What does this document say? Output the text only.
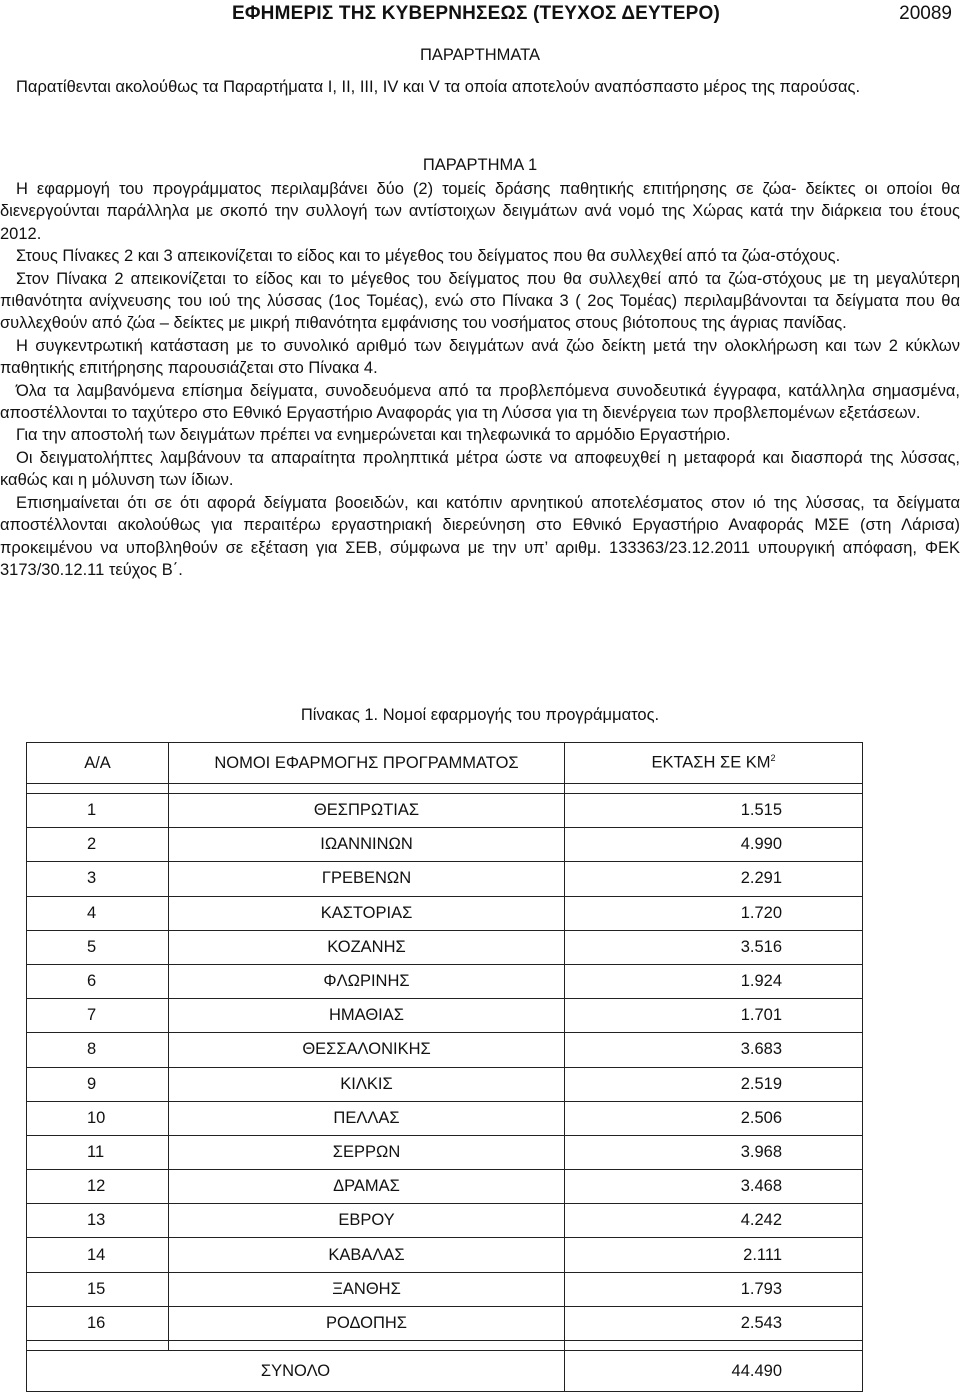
ΕΦΗΜΕΡΙΣ ΤΗΣ ΚΥΒΕΡΝΗΣΕΩΣ (ΤΕΥΧΟΣ ΔΕΥΤΕΡΟ)	20089
ΠΑΡΑΡΤΗΜΑΤΑ

Παρατίθενται ακολούθως τα Παραρτήματα Ι, ΙΙ, ΙΙΙ, ΙV και V τα οποία αποτελούν αναπόσπαστο μέρος της παρούσας.

ΠΑΡΑΡΤΗΜΑ 1

Η εφαρμογή του προγράμματος περιλαμβάνει δύο (2) τομείς δράσης παθητικής επιτήρησης σε ζώα- δείκτες οι οποίοι θα διενεργούνται παράλληλα με σκοπό την συλλογή των αντίστοιχων δειγμάτων ανά νομό της Χώρας κατά την διάρκεια του έτους 2012.

Στους Πίνακες 2 και 3 απεικονίζεται το είδος και το μέγεθος του δείγματος που θα συλλεχθεί από τα ζώα-στόχους.

Στον Πίνακα 2 απεικονίζεται το είδος και το μέγεθος του δείγματος που θα συλλεχθεί από τα ζώα-στόχους με τη μεγαλύτερη πιθανότητα ανίχνευσης του ιού της λύσσας (1ος Τομέας), ενώ στο Πίνακα 3 ( 2ος Τομέας) περιλαμβάνονται τα δείγματα που θα συλλεχθούν από ζώα – δείκτες με μικρή πιθανότητα εμφάνισης του νοσήματος στους βιότοπους της άγριας πανίδας.

Η συγκεντρωτική κατάσταση με το συνολικό αριθμό των δειγμάτων ανά ζώο δείκτη μετά την ολοκλήρωση και των 2 κύκλων παθητικής επιτήρησης παρουσιάζεται στο Πίνακα 4.

Όλα τα λαμβανόμενα επίσημα δείγματα, συνοδευόμενα από τα προβλεπόμενα συνοδευτικά έγγραφα, κατάλληλα σημασμένα, αποστέλλονται το ταχύτερο στο Εθνικό Εργαστήριο Αναφοράς για τη Λύσσα για τη διενέργεια των προβλεπομένων εξετάσεων.

Για την αποστολή των δειγμάτων πρέπει να ενημερώνεται και τηλεφωνικά το αρμόδιο Εργαστήριο.

Οι δειγματολήπτες λαμβάνουν τα απαραίτητα προληπτικά μέτρα ώστε να αποφευχθεί η μεταφορά και διασπορά της λύσσας, καθώς και η μόλυνση των ίδιων.

Επισημαίνεται ότι σε ότι αφορά δείγματα βοοειδών, και κατόπιν αρνητικού αποτελέσματος στον ιό της λύσσας, τα δείγματα αποστέλλονται ακολούθως για περαιτέρω εργαστηριακή διερεύνηση στο Εθνικό Εργαστήριο Αναφοράς ΜΣΕ (στη Λάρισα) προκειμένου να υποβληθούν σε εξέταση για ΣΕΒ, σύμφωνα με την υπ’ αριθμ. 133363/23.12.2011 υπουργική απόφαση, ΦΕΚ 3173/30.12.11 τεύχος Β΄.

Πίνακας 1. Νομοί εφαρμογής του προγράμματος.
Α/Α	ΝΟΜΟΙ ΕΦΑΡΜΟΓΗΣ ΠΡΟΓΡΑΜΜΑΤΟΣ	ΕΚΤΑΣΗ ΣΕ $KM^2$

1	ΘΕΣΠΡΩΤΙΑΣ	1.515
2	ΙΩΑΝΝΙΝΩΝ	4.990
3	ΓΡΕΒΕΝΩΝ	2.291
4	ΚΑΣΤΟΡΙΑΣ	1.720
5	ΚΟΖΑΝΗΣ	3.516
6	ΦΛΩΡΙΝΗΣ	1.924
7	ΗΜΑΘΙΑΣ	1.701
8	ΘΕΣΣΑΛΟΝΙΚΗΣ	3.683
9	ΚΙΛΚΙΣ	2.519
10	ΠΕΛΛΑΣ	2.506
11	ΣΕΡΡΩΝ	3.968
12	ΔΡΑΜΑΣ	3.468
13	ΕΒΡΟΥ	4.242
14	ΚΑΒΑΛΑΣ	2.111
15	ΞΑΝΘΗΣ	1.793
16	ΡΟΔΟΠΗΣ	2.543

ΣΥΝΟΛΟ		44.490
